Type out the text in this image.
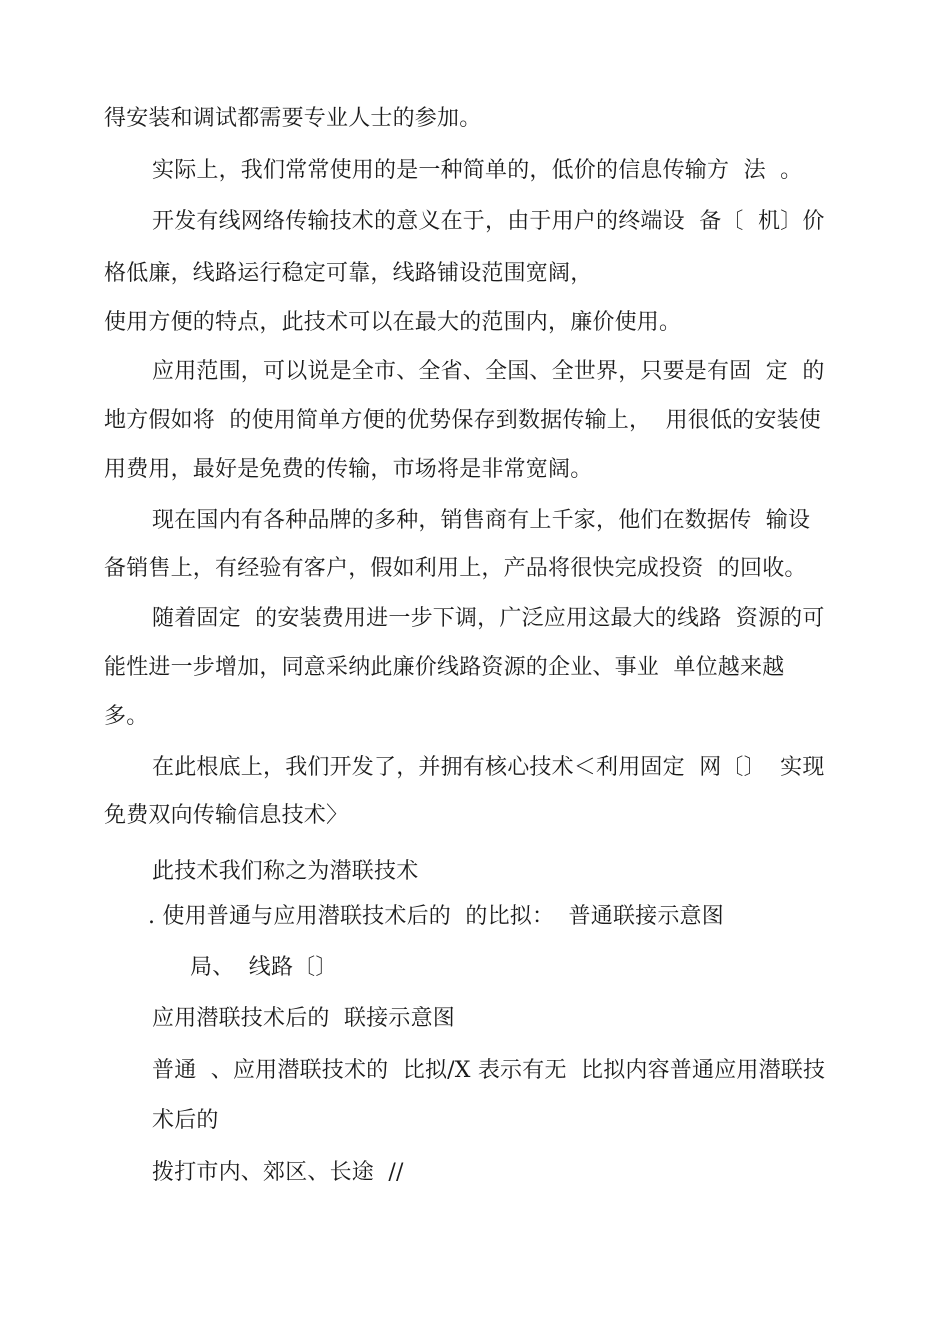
得安装和调试都需要专业人士的参加。
实际上，我们常常使用的是一种简单的，低价的信息传输方  法  。
开发有线网络传输技术的意义在于，由于用户的终端设  备〔  机〕价
格低廉，线路运行稳定可靠，线路铺设范围宽阔，
使用方便的特点，此技术可以在最大的范围内，廉价使用。
应用范围，可以说是全市、全省、全国、全世界，只要是有固  定  的
地方假如将  的使用简单方便的优势保存到数据传输上，  用很低的安装使
用费用，最好是免费的传输，市场将是非常宽阔。
现在国内有各种品牌的多种，销售商有上千家，他们在数据传  输设
备销售上，有经验有客户，假如利用上，产品将很快完成投资  的回收。
随着固定  的安装费用进一步下调，广泛应用这最大的线路  资源的可
能性进一步增加，同意采纳此廉价线路资源的企业、事业  单位越来越
多。
在此根底上，我们开发了，并拥有核心技术＜利用固定  网〔〕  实现
免费双向传输信息技术〉
此技术我们称之为潜联技术
. 使用普通与应用潜联技术后的  的比拟：  普通联接示意图
局、  线路〔〕
应用潜联技术后的  联接示意图
普通  、应用潜联技术的  比拟/X 表示有无  比拟内容普通应用潜联技
术后的
拨打市内、郊区、长途  //
